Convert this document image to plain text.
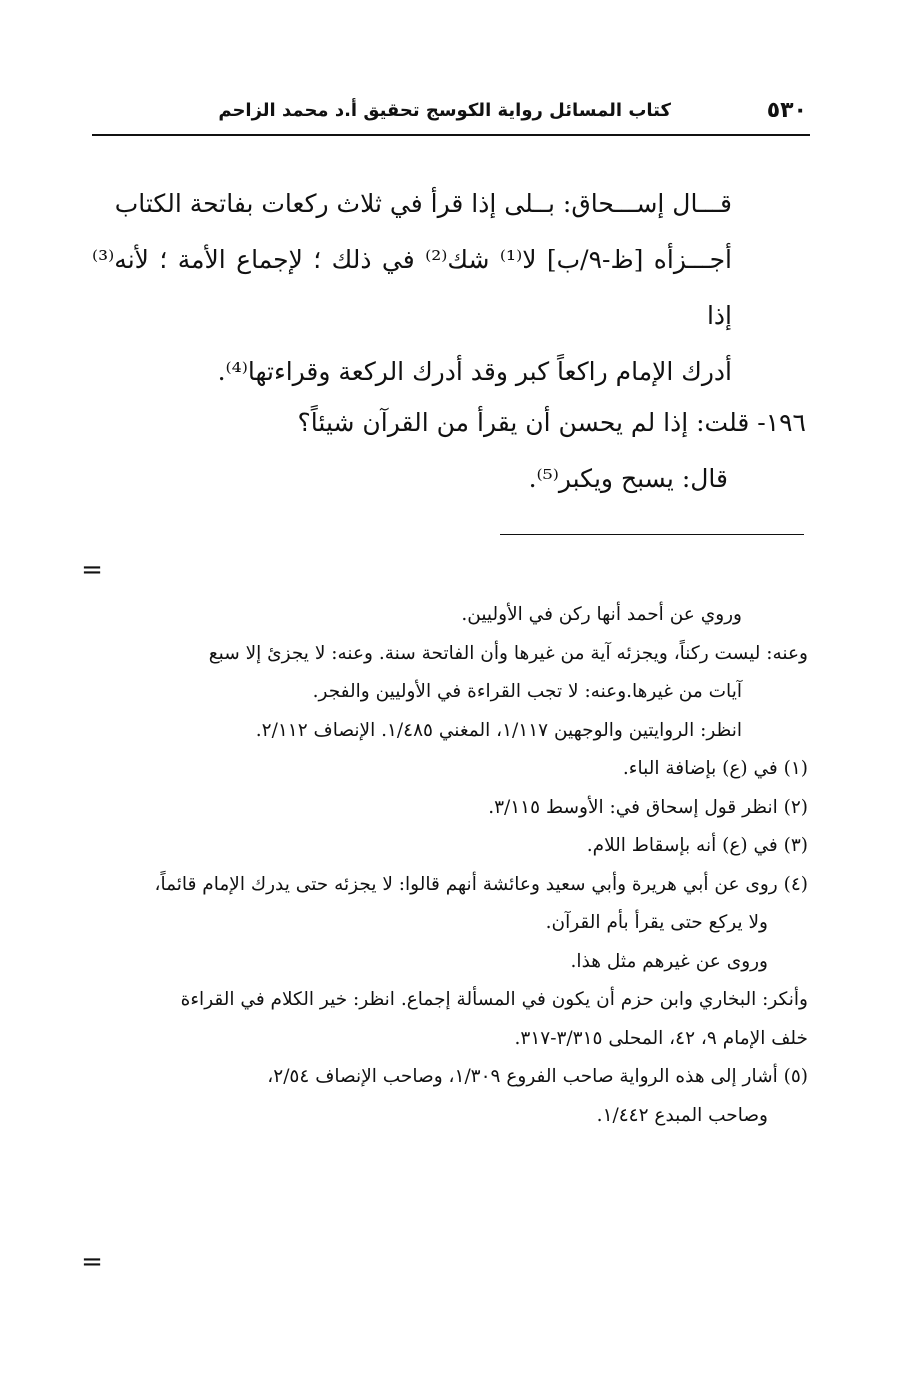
٥٣٠
كتاب المسائل رواية الكوسج تحقيق أ.د محمد الزاحم

قـــال إســـحاق: بــلى إذا قرأ في ثلاث ركعات بفاتحة الكتاب

أجـــزأه [ظ-٩/ب] لا⁽¹⁾ شك⁽²⁾ في ذلك ؛ لإجماع الأمة ؛ لأنه⁽³⁾ إذا

أدرك الإمام راكعاً كبر وقد أدرك الركعة وقراءتها⁽⁴⁾.

١٩٦- قلت: إذا لم يحسن أن يقرأ من القرآن شيئاً؟

قال: يسبح ويكبر⁽⁵⁾.

=

وروي عن أحمد أنها ركن في الأوليين.

وعنه: ليست ركناً، ويجزئه آية من غيرها وأن الفاتحة سنة. وعنه: لا يجزئ إلا سبع

آيات من غيرها.وعنه: لا تجب القراءة في الأوليين والفجر.

انظر: الروايتين والوجهين ١/١١٧، المغني ١/٤٨٥. الإنصاف ٢/١١٢.

(١) في (ع) بإضافة الباء.

(٢) انظر قول إسحاق في: الأوسط ٣/١١٥.

(٣) في (ع) أنه بإسقاط اللام.

(٤) روى عن أبي هريرة وأبي سعيد وعائشة أنهم قالوا: لا يجزئه حتى يدرك الإمام قائماً،

ولا يركع حتى يقرأ بأم القرآن.

وروى عن غيرهم مثل هذا.

وأنكر: البخاري وابن حزم أن يكون في المسألة إجماع. انظر: خير الكلام في القراءة

خلف الإمام ٩، ٤٢، المحلى ٣/٣١٥-٣١٧.

(٥) أشار إلى هذه الرواية صاحب الفروع ١/٣٠٩، وصاحب الإنصاف ٢/٥٤،

وصاحب المبدع ١/٤٤٢.

=
